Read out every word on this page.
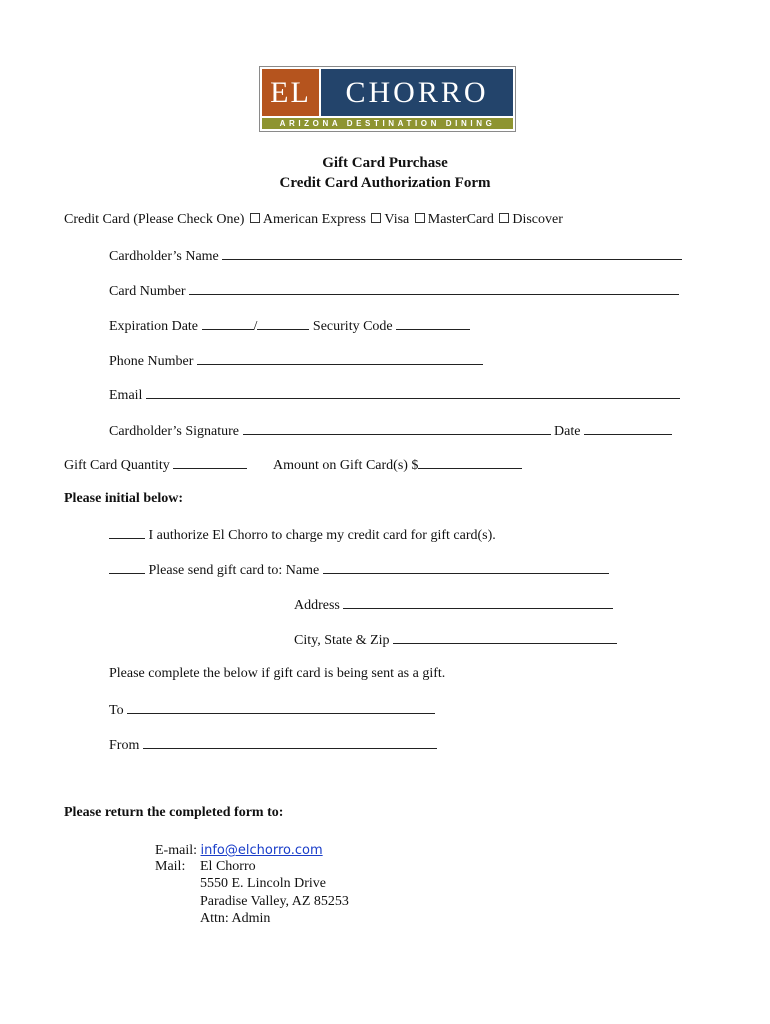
EL	CHORRO
ARIZONA DESTINATION DINING
Gift Card Purchase
Credit Card Authorization Form
Credit Card (Please Check One) American Express Visa MasterCard Discover
Cardholder’s Name
Card Number
Expiration Date	/	Security Code
Phone Number
Email
Cardholder’s Signature	Date
Gift Card Quantity	Amount on Gift Card(s) $
Please initial below:
I authorize El Chorro to charge my credit card for gift card(s).
Please send gift card to: Name
Address
City, State & Zip
Please complete the below if gift card is being sent as a gift.
To
From
Please return the completed form to:
E-mail: info@elchorro.com
Mail: El Chorro
5550 E. Lincoln Drive
Paradise Valley, AZ 85253
Attn: Admin
